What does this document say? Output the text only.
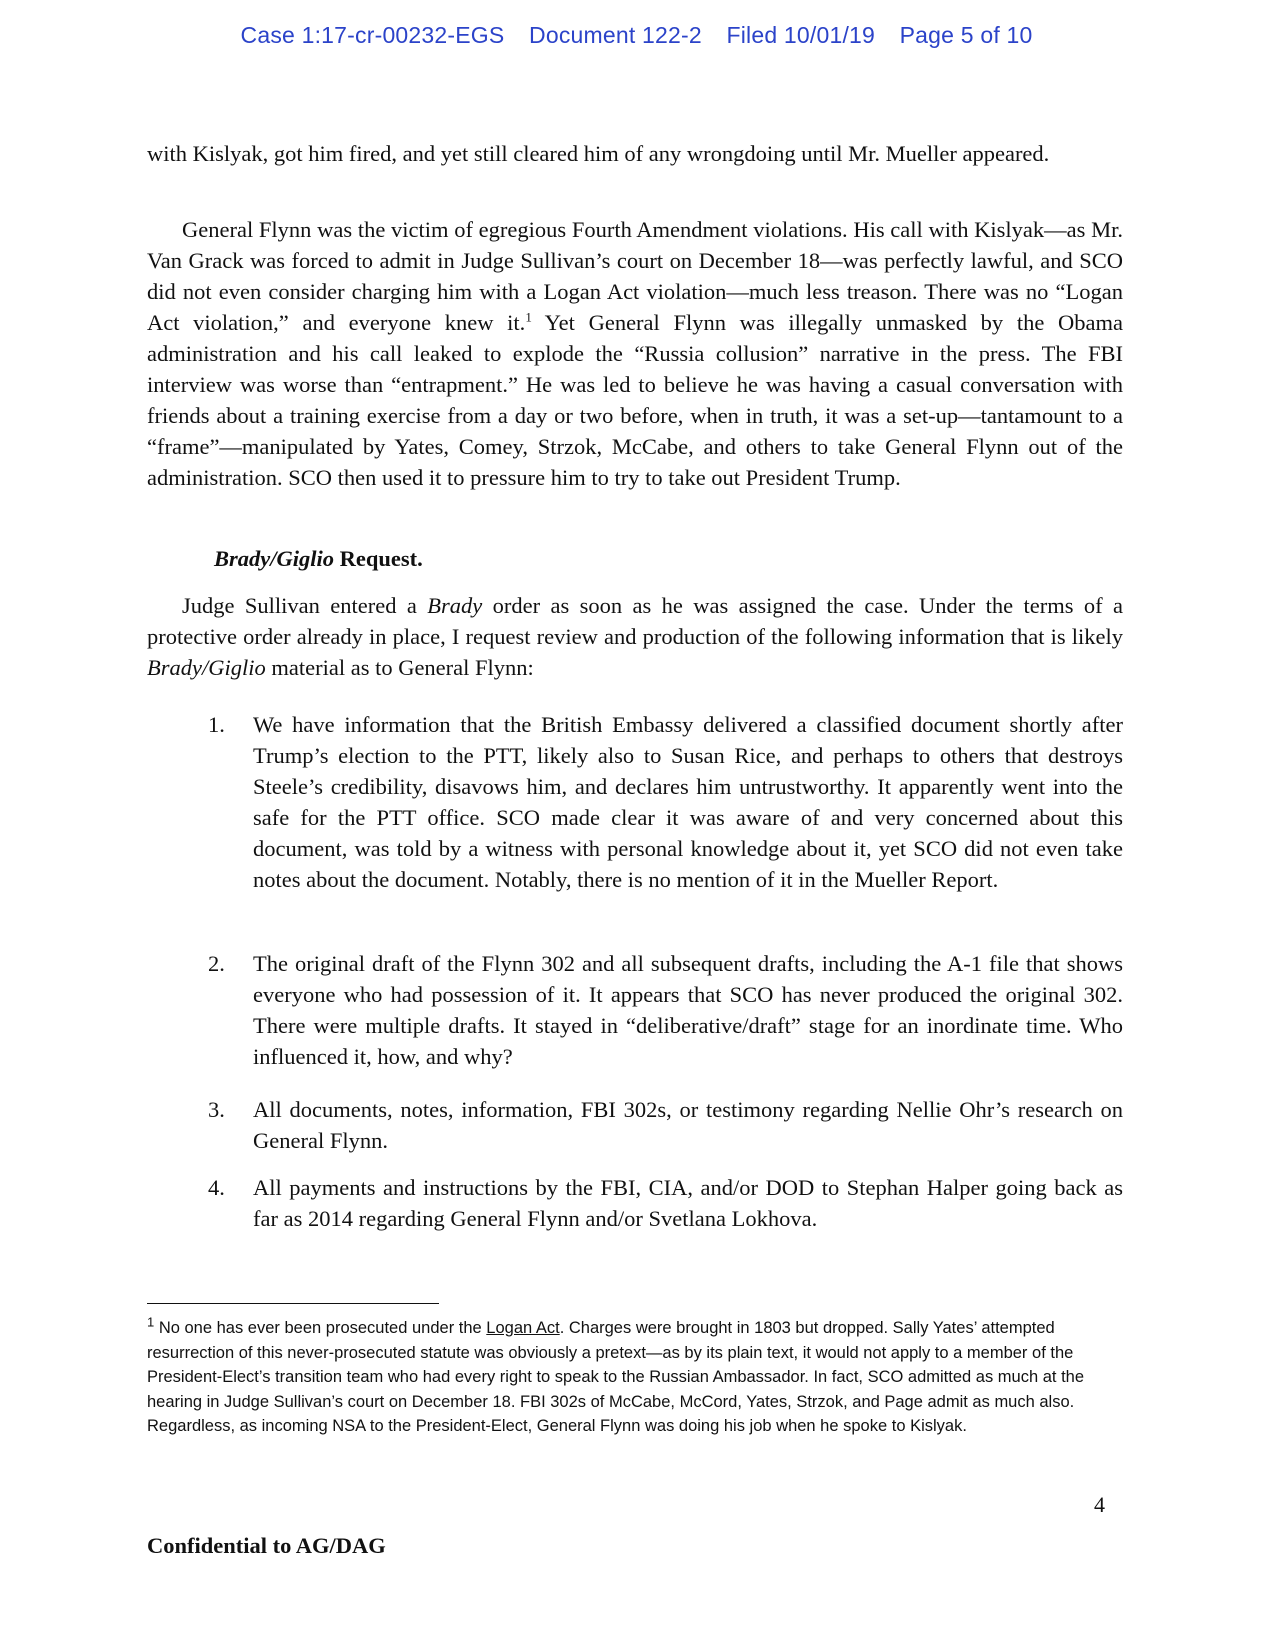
Case 1:17-cr-00232-EGS Document 122-2 Filed 10/01/19 Page 5 of 10
with Kislyak, got him fired, and yet still cleared him of any wrongdoing until Mr. Mueller appeared.
General Flynn was the victim of egregious Fourth Amendment violations. His call with Kislyak—as Mr. Van Grack was forced to admit in Judge Sullivan’s court on December 18—was perfectly lawful, and SCO did not even consider charging him with a Logan Act violation—much less treason. There was no “Logan Act violation,” and everyone knew it.$^1$ Yet General Flynn was illegally unmasked by the Obama administration and his call leaked to explode the “Russia collusion” narrative in the press. The FBI interview was worse than “entrapment.” He was led to believe he was having a casual conversation with friends about a training exercise from a day or two before, when in truth, it was a set-up—tantamount to a “frame”—manipulated by Yates, Comey, Strzok, McCabe, and others to take General Flynn out of the administration. SCO then used it to pressure him to try to take out President Trump.
Brady/Giglio Request.
Judge Sullivan entered a Brady order as soon as he was assigned the case. Under the terms of a protective order already in place, I request review and production of the following information that is likely Brady/Giglio material as to General Flynn:
1.	We have information that the British Embassy delivered a classified document shortly after Trump’s election to the PTT, likely also to Susan Rice, and perhaps to others that destroys Steele’s credibility, disavows him, and declares him untrustworthy. It apparently went into the safe for the PTT office. SCO made clear it was aware of and very concerned about this document, was told by a witness with personal knowledge about it, yet SCO did not even take notes about the document. Notably, there is no mention of it in the Mueller Report.
2.	The original draft of the Flynn 302 and all subsequent drafts, including the A-1 file that shows everyone who had possession of it. It appears that SCO has never produced the original 302. There were multiple drafts. It stayed in “deliberative/draft” stage for an inordinate time. Who influenced it, how, and why?
3.	All documents, notes, information, FBI 302s, or testimony regarding Nellie Ohr’s research on General Flynn.
4.	All payments and instructions by the FBI, CIA, and/or DOD to Stephan Halper going back as far as 2014 regarding General Flynn and/or Svetlana Lokhova.
$^1$ No one has ever been prosecuted under the Logan Act. Charges were brought in 1803 but dropped. Sally Yates’ attempted resurrection of this never-prosecuted statute was obviously a pretext—as by its plain text, it would not apply to a member of the President-Elect’s transition team who had every right to speak to the Russian Ambassador. In fact, SCO admitted as much at the hearing in Judge Sullivan’s court on December 18. FBI 302s of McCabe, McCord, Yates, Strzok, and Page admit as much also. Regardless, as incoming NSA to the President-Elect, General Flynn was doing his job when he spoke to Kislyak.
4
Confidential to AG/DAG
